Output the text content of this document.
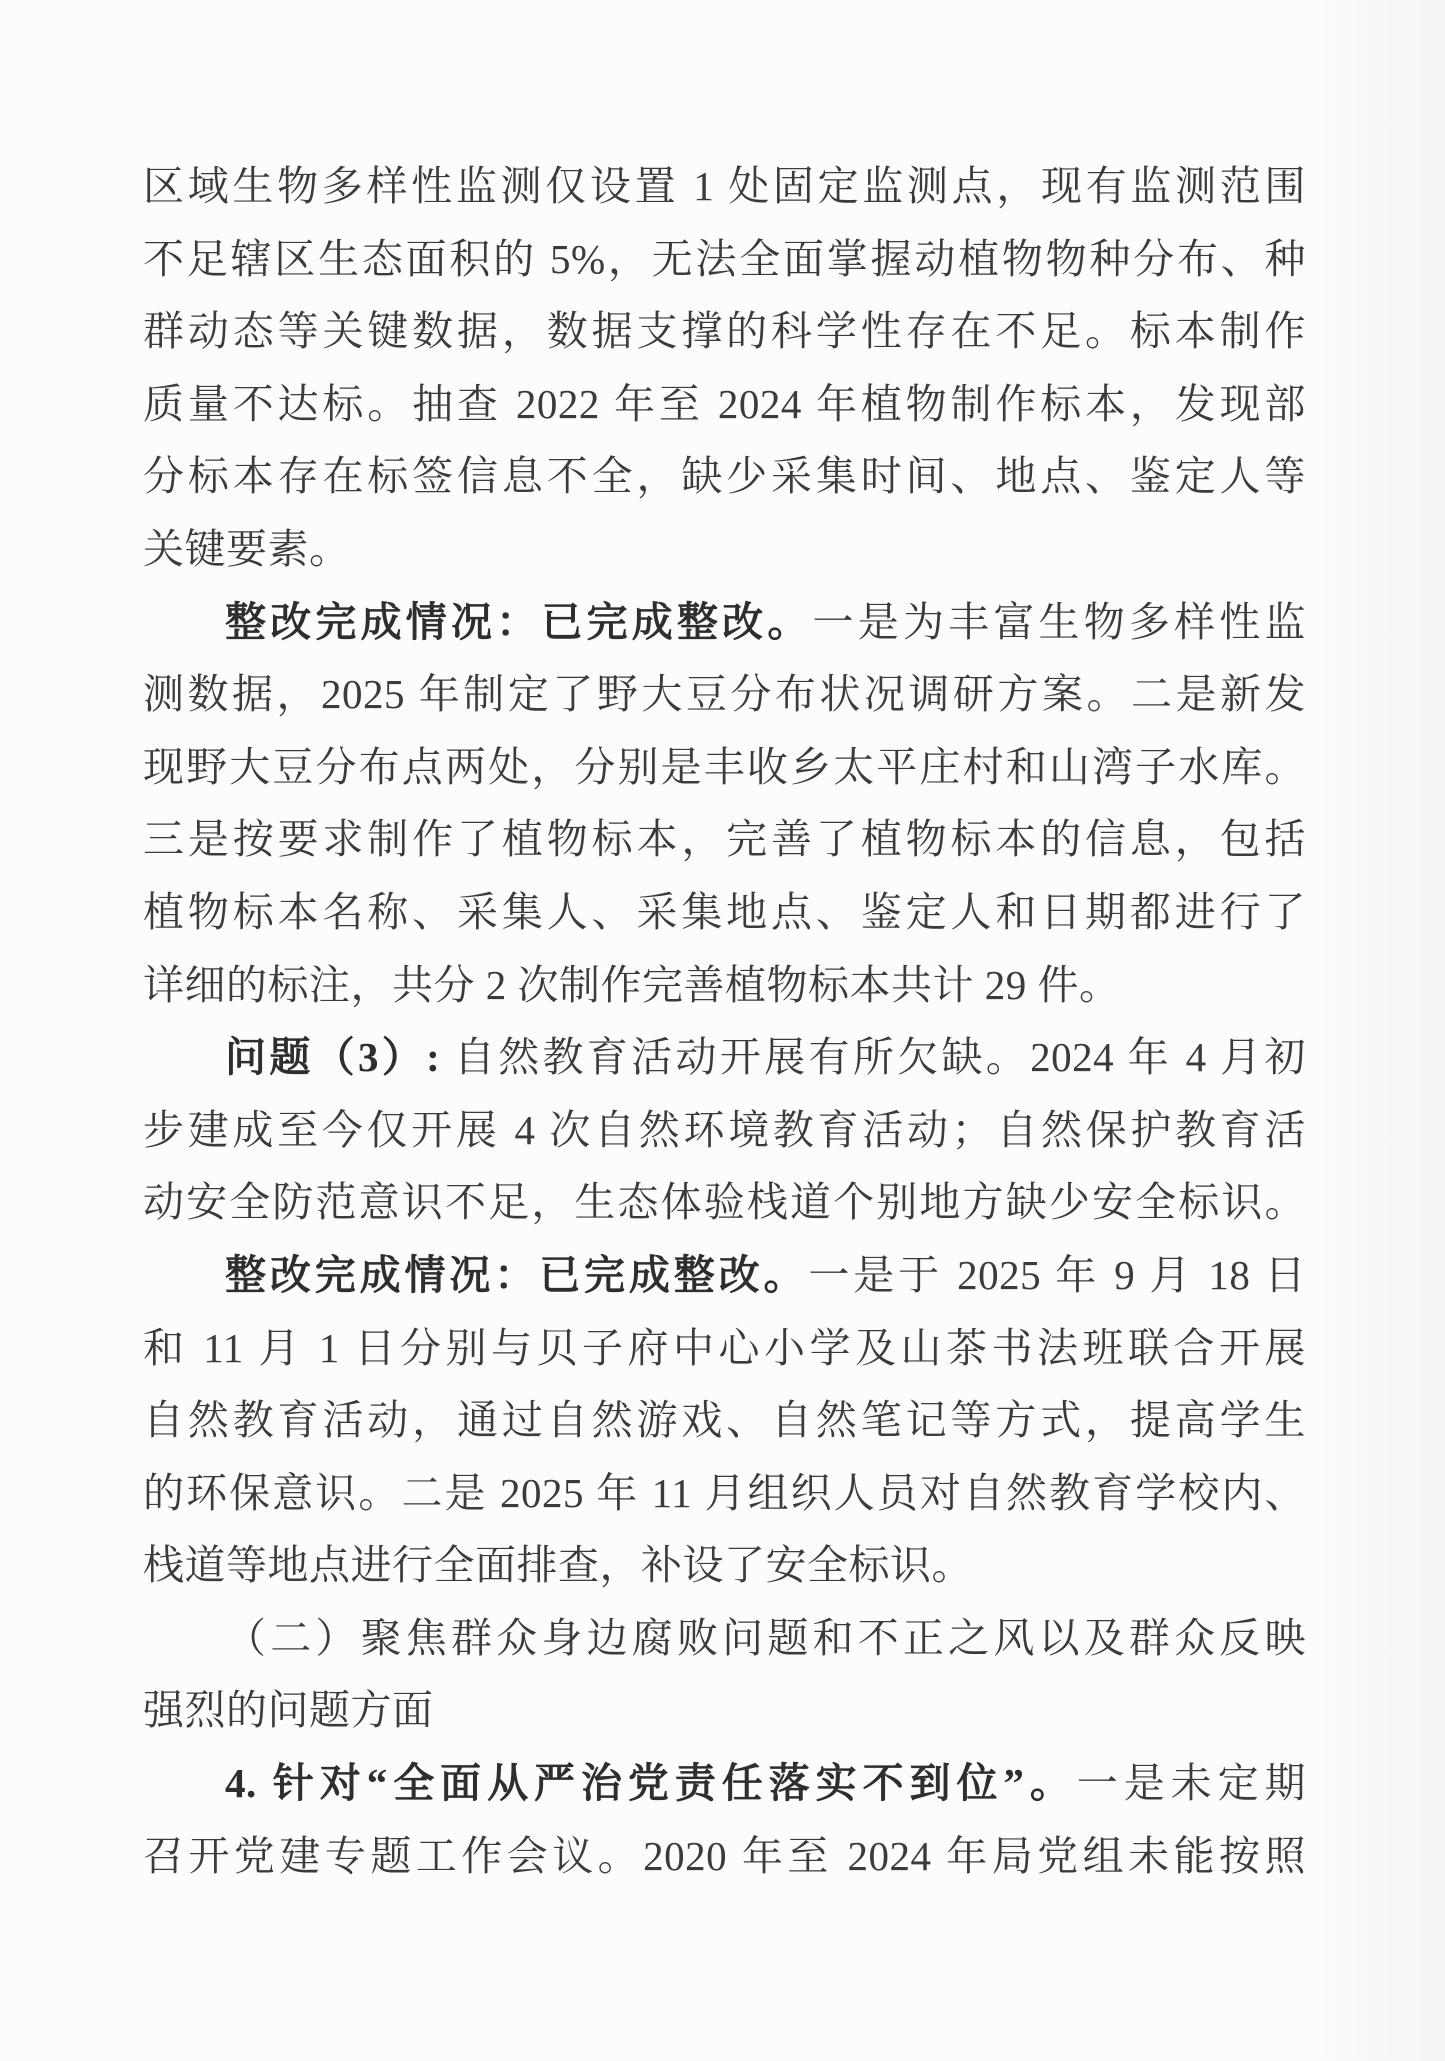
区域生物多样性监测仅设置 1 处固定监测点，现有监测范围
不足辖区生态面积的 5%，无法全面掌握动植物物种分布、种
群动态等关键数据，数据支撑的科学性存在不足。标本制作
质量不达标。抽查 2022 年至 2024 年植物制作标本，发现部
分标本存在标签信息不全，缺少采集时间、地点、鉴定人等
关键要素。
整改完成情况：已完成整改。一是为丰富生物多样性监
测数据，2025 年制定了野大豆分布状况调研方案。二是新发
现野大豆分布点两处，分别是丰收乡太平庄村和山湾子水库。
三是按要求制作了植物标本，完善了植物标本的信息，包括
植物标本名称、采集人、采集地点、鉴定人和日期都进行了
详细的标注，共分 2 次制作完善植物标本共计 29 件。
问题（3）: 自然教育活动开展有所欠缺。2024 年 4 月初
步建成至今仅开展 4 次自然环境教育活动；自然保护教育活
动安全防范意识不足，生态体验栈道个别地方缺少安全标识。
整改完成情况：已完成整改。一是于 2025 年 9 月 18 日
和 11 月 1 日分别与贝子府中心小学及山茶书法班联合开展
自然教育活动，通过自然游戏、自然笔记等方式，提高学生
的环保意识。二是 2025 年 11 月组织人员对自然教育学校内、
栈道等地点进行全面排查，补设了安全标识。
（二）聚焦群众身边腐败问题和不正之风以及群众反映
强烈的问题方面
4. 针对“全面从严治党责任落实不到位”。一是未定期
召开党建专题工作会议。2020 年至 2024 年局党组未能按照
